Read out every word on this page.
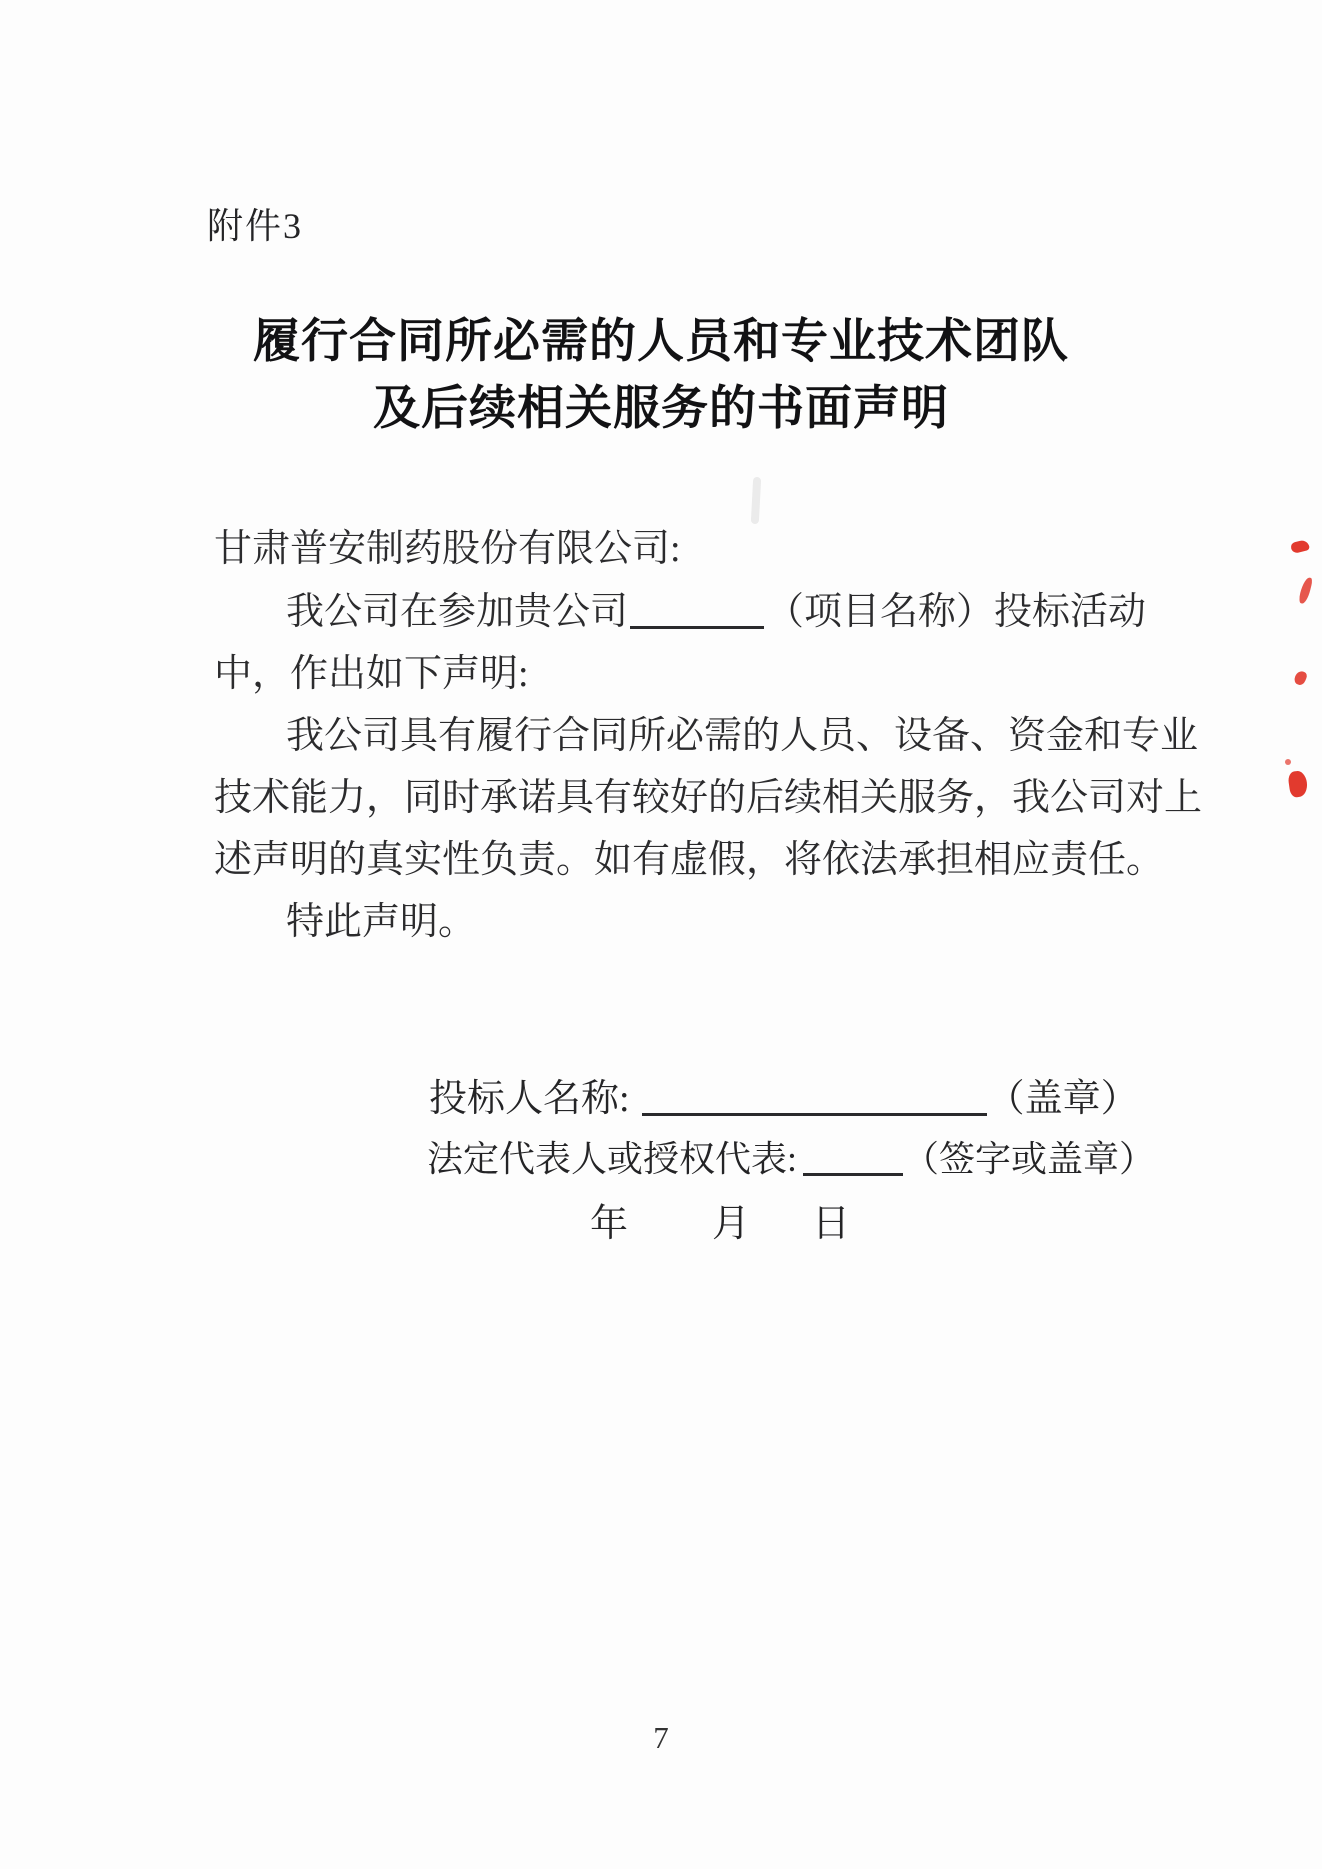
附件3
履行合同所必需的人员和专业技术团队
及后续相关服务的书面声明
甘肃普安制药股份有限公司:
我公司在参加贵公司	（项目名称）投标活动
中，作出如下声明:
我公司具有履行合同所必需的人员、设备、资金和专业
技术能力，同时承诺具有较好的后续相关服务，我公司对上
述声明的真实性负责。如有虚假，将依法承担相应责任。
特此声明。
投标人名称:	（盖章）
法定代表人或授权代表:	（签字或盖章）
年 月 日
7
